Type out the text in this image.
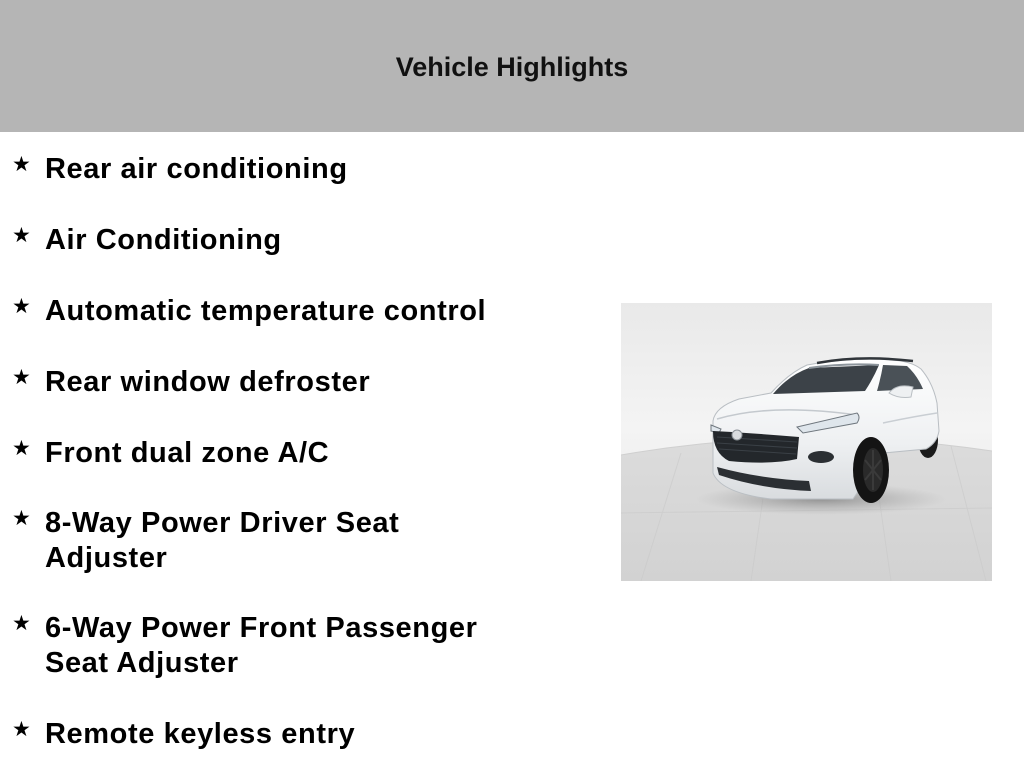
Vehicle Highlights
★ Rear air conditioning
★ Air Conditioning
★ Automatic temperature control
★ Rear window defroster
★ Front dual zone A/C
★ 8-Way Power Driver Seat Adjuster
★ 6-Way Power Front Passenger Seat Adjuster
★ Remote keyless entry
